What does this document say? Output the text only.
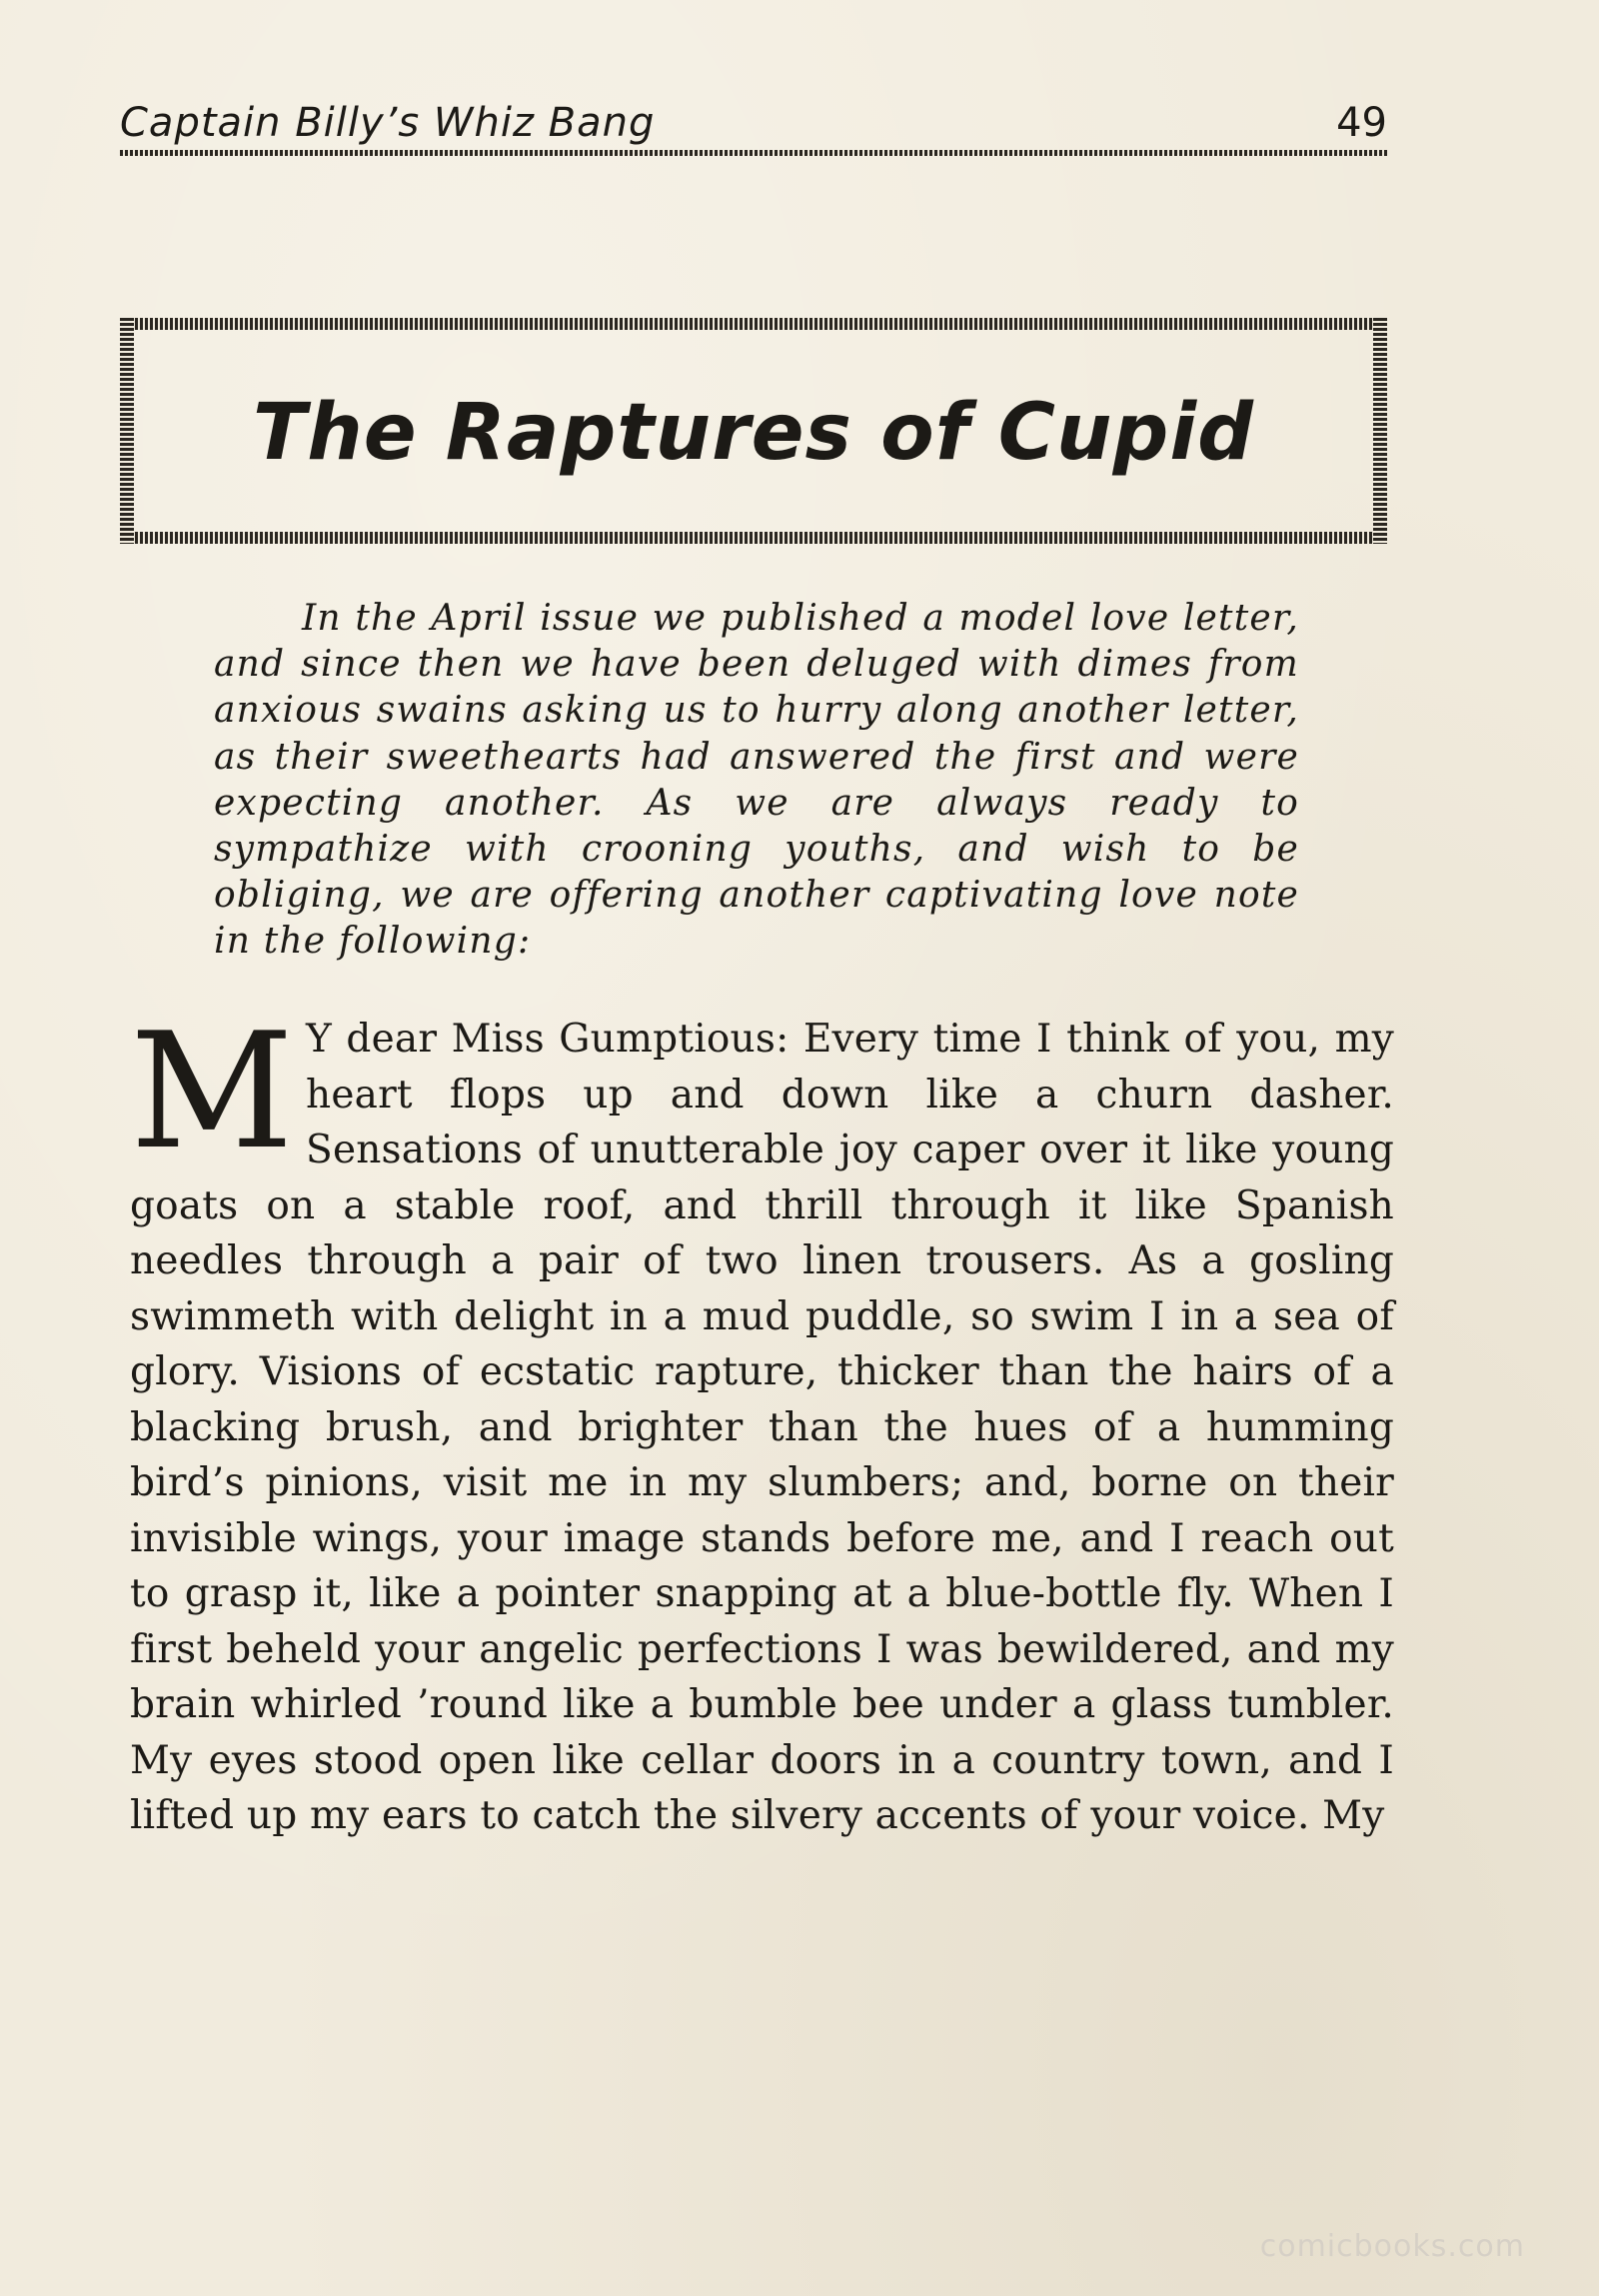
Captain Billy’s Whiz Bang	49
The Raptures of Cupid
In the April issue we published a model love letter, and since then we have been deluged with dimes from anxious swains asking us to hurry along another letter, as their sweethearts had answered the first and were expecting another. As we are always ready to sympathize with crooning youths, and wish to be obliging, we are offering another captivating love note in the following:
M Y dear Miss Gumptious: Every time I think of you, my heart flops up and down like a churn dasher. Sensations of unutterable joy caper over it like young goats on a stable roof, and thrill through it like Spanish needles through a pair of two linen trousers. As a gosling swimmeth with delight in a mud puddle, so swim I in a sea of glory. Visions of ecstatic rapture, thicker than the hairs of a blacking brush, and brighter than the hues of a humming bird’s pinions, visit me in my slumbers; and, borne on their invisible wings, your image stands before me, and I reach out to grasp it, like a pointer snapping at a blue-bottle fly. When I first beheld your angelic perfections I was bewildered, and my brain whirled ’round like a bumble bee under a glass tumbler. My eyes stood open like cellar doors in a country town, and I lifted up my ears to catch the silvery accents of your voice. My
comicbooks.com
